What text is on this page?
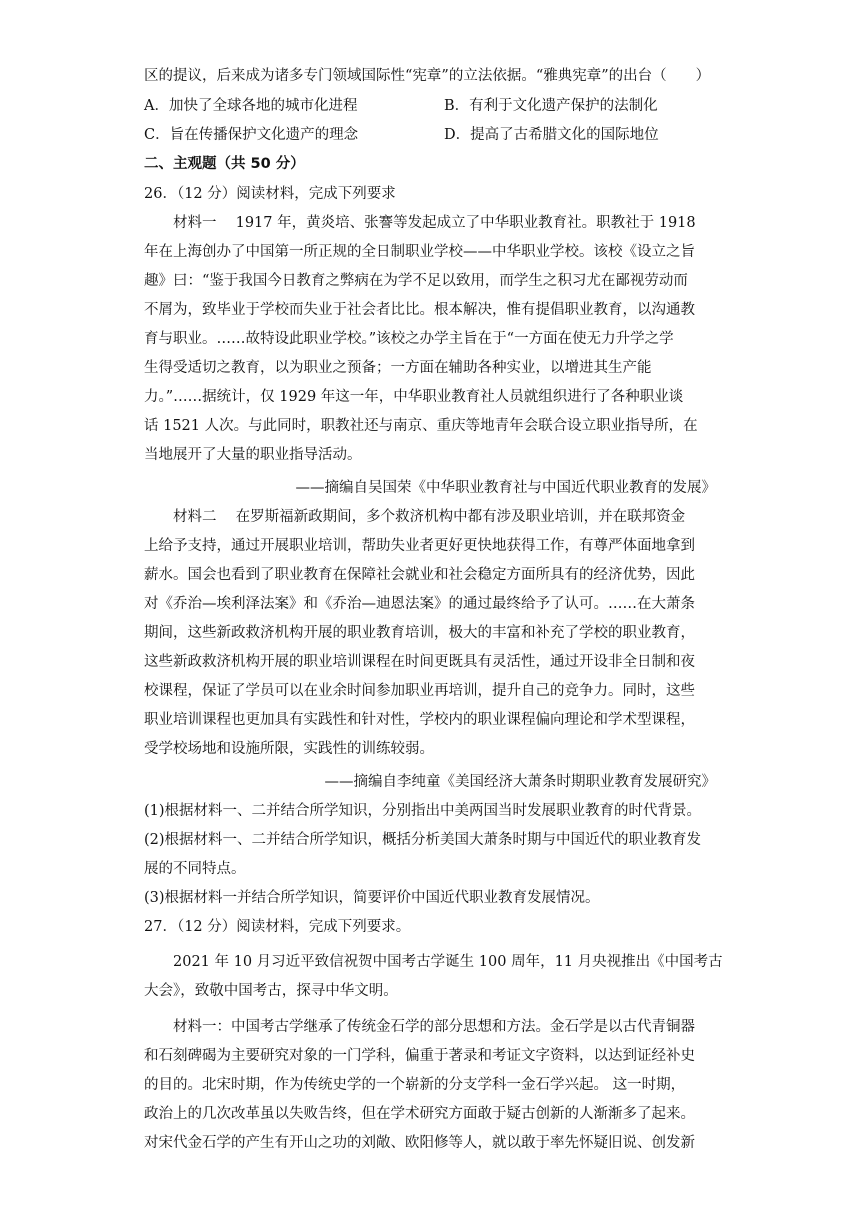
区的提议，后来成为诸多专门领域国际性“宪章”的立法依据。“雅典宪章”的出台（　　）
A．加快了全球各地的城市化进程	B．有利于文化遗产保护的法制化
C．旨在传播保护文化遗产的理念	D．提高了古希腊文化的国际地位
二、主观题（共 50 分）
26．（12 分）阅读材料，完成下列要求
材料一　 1917 年，黄炎培、张謇等发起成立了中华职业教育社。职教社于 1918
年在上海创办了中国第一所正规的全日制职业学校——中华职业学校。该校《设立之旨
趣》曰：“鉴于我国今日教育之弊病在为学不足以致用，而学生之积习尤在鄙视劳动而
不屑为，致毕业于学校而失业于社会者比比。根本解决，惟有提倡职业教育，以沟通教
育与职业。……故特设此职业学校。”该校之办学主旨在于“一方面在使无力升学之学
生得受适切之教育，以为职业之预备；一方面在辅助各种实业，以增进其生产能
力。”……据统计，仅 1929 年这一年，中华职业教育社人员就组织进行了各种职业谈
话 1521 人次。与此同时，职教社还与南京、重庆等地青年会联合设立职业指导所，在
当地展开了大量的职业指导活动。
——摘编自吴国荣《中华职业教育社与中国近代职业教育的发展》
材料二　 在罗斯福新政期间，多个救济机构中都有涉及职业培训，并在联邦资金
上给予支持，通过开展职业培训，帮助失业者更好更快地获得工作，有尊严体面地拿到
薪水。国会也看到了职业教育在保障社会就业和社会稳定方面所具有的经济优势，因此
对《乔治—埃利泽法案》和《乔治—迪恩法案》的通过最终给予了认可。……在大萧条
期间，这些新政救济机构开展的职业教育培训，极大的丰富和补充了学校的职业教育，
这些新政救济机构开展的职业培训课程在时间更既具有灵活性，通过开设非全日制和夜
校课程，保证了学员可以在业余时间参加职业再培训，提升自己的竞争力。同时，这些
职业培训课程也更加具有实践性和针对性，学校内的职业课程偏向理论和学术型课程，
受学校场地和设施所限，实践性的训练较弱。
——摘编自李纯童《美国经济大萧条时期职业教育发展研究》
(1)根据材料一、二并结合所学知识，分别指出中美两国当时发展职业教育的时代背景。
(2)根据材料一、二并结合所学知识，概括分析美国大萧条时期与中国近代的职业教育发
展的不同特点。
(3)根据材料一并结合所学知识，简要评价中国近代职业教育发展情况。
27．（12 分）阅读材料，完成下列要求。
2021 年 10 月习近平致信祝贺中国考古学诞生 100 周年，11 月央视推出《中国考古
大会》，致敬中国考古，探寻中华文明。
材料一：中国考古学继承了传统金石学的部分思想和方法。金石学是以古代青铜器
和石刻碑碣为主要研究对象的一门学科，偏重于著录和考证文字资料，以达到证经补史
的目的。北宋时期，作为传统史学的一个崭新的分支学科一金石学兴起。 这一时期，
政治上的几次改革虽以失败告终，但在学术研究方面敢于疑古创新的人渐渐多了起来。
对宋代金石学的产生有开山之功的刘敞、欧阳修等人，就以敢于率先怀疑旧说、创发新
